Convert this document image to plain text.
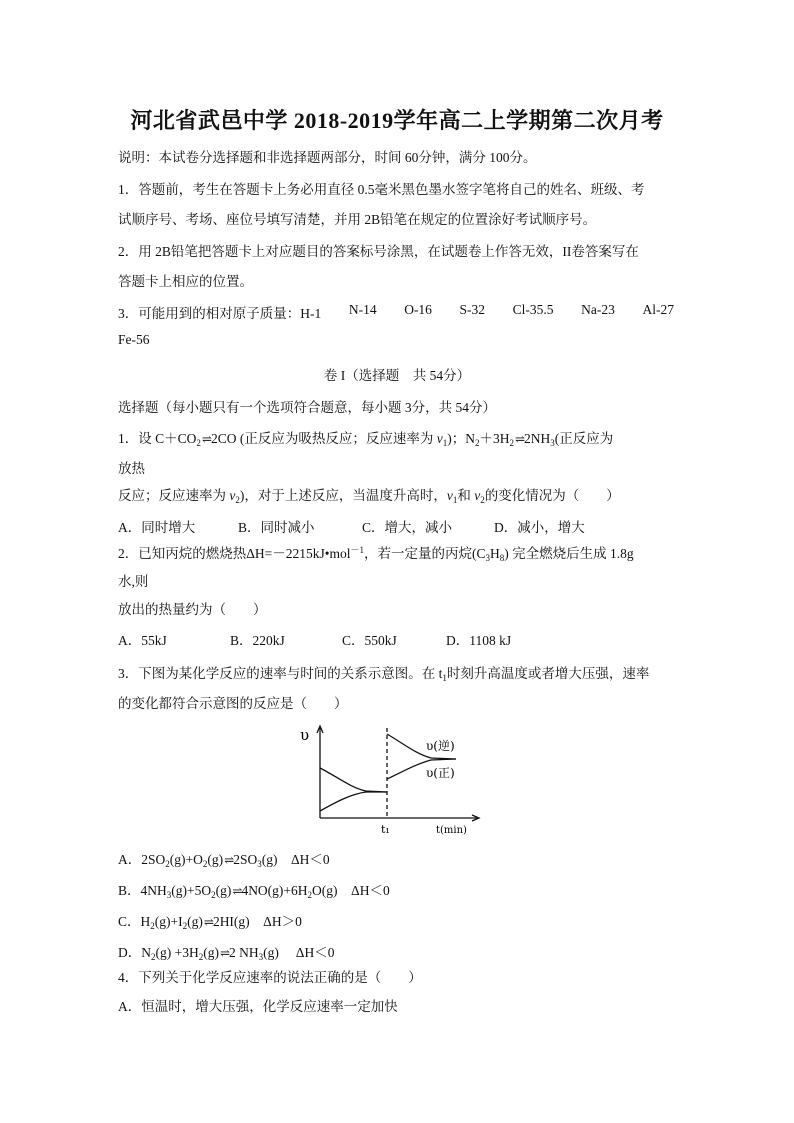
河北省武邑中学 2018-2019学年高二上学期第二次月考
说明：本试卷分选择题和非选择题两部分，时间 60分钟，满分 100分。
1．答题前，考生在答题卡上务必用直径 0.5毫米黑色墨水签字笔将自己的姓名、班级、考
试顺序号、考场、座位号填写清楚，并用 2B铅笔在规定的位置涂好考试顺序号。
2．用 2B铅笔把答题卡上对应题目的答案标号涂黑，在试题卷上作答无效，II卷答案写在
答题卡上相应的位置。
3．可能用到的相对原子质量：H-1 N-14 O-16 S-32 Cl-35.5 Na-23 Al-27
Fe-56
卷 I（选择题　共 54分）
选择题（每小题只有一个选项符合题意，每小题 3分，共 54分）
1．设 $C+CO_2$ ⇌ 2CO (正反应为吸热反应；反应速率为 $v_1$)；$N_2+3H_2$ ⇌ $2NH_3$(正反应为
放热
反应；反应速率为 $v_2$)，对于上述反应，当温度升高时，$v_1$和 $v_2$的变化情况为（　　）
A．同时增大	B．同时减小	C．增大，减小	D．减小，增大
2．已知丙烷的燃烧热ΔH=－2215kJ•mol$^{-1}$，若一定量的丙烷$(C_3H_8)$ 完全燃烧后生成 1.8g
水,则
放出的热量约为（　　）
A．55kJ	B．220kJ	C．550kJ	D．1108 kJ
3．下图为某化学反应的速率与时间的关系示意图。在 $t_1$时刻升高温度或者增大压强，速率
的变化都符合示意图的反应是（　　）
υ
υ(逆)
υ(正)
t₁	t(min)
A．$2SO_2(g)+O_2(g)$ ⇌ $2SO_3(g)$　ΔH＜0
B．$4NH_3(g)+5O_2(g)$ ⇌ $4NO(g)+6H_2O(g)$　ΔH＜0
C．$H_2(g)+I_2(g)$ ⇌ 2HI(g)　ΔH＞0
D．$N_2(g) +3H_2(g)$ ⇌ 2 $NH_3(g)$　 ΔH＜0
4．下列关于化学反应速率的说法正确的是（　　）
A．恒温时，增大压强，化学反应速率一定加快
